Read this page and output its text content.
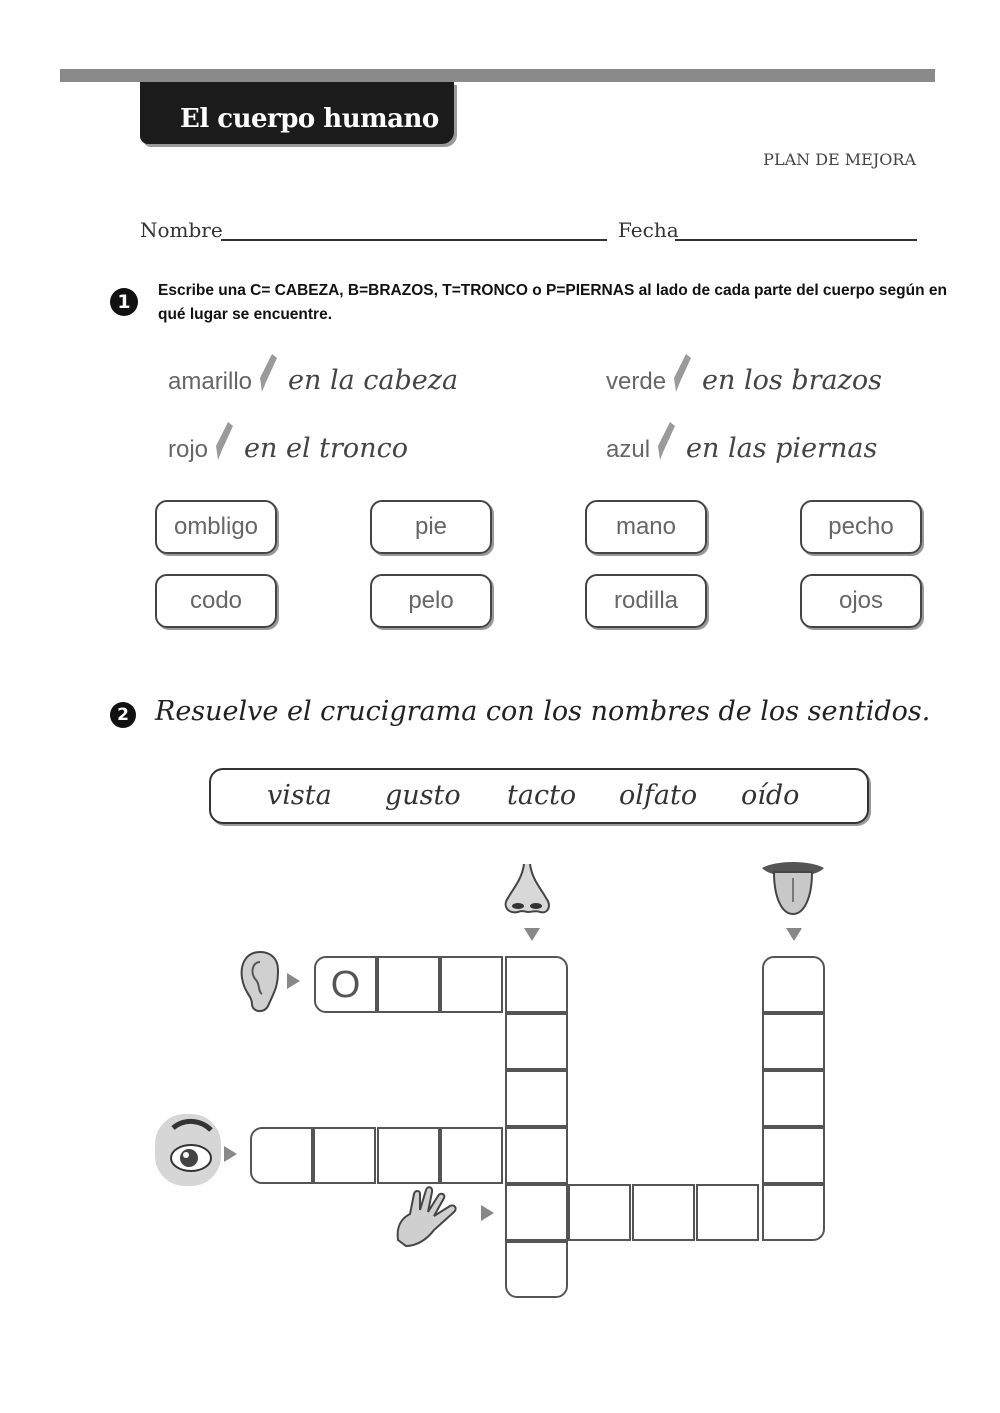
El cuerpo humano
PLAN DE MEJORA
Nombre	Fecha
1
Escribe una C= CABEZA, B=BRAZOS, T=TRONCO o P=PIERNAS al lado de cada parte del cuerpo según en qué lugar se encuentre.
amarillo en la cabeza	verde en los brazos
rojo en el tronco	azul en las piernas
ombligo	pie	mano	pecho
codo	pelo	rodilla	ojos
2 Resuelve el crucigrama con los nombres de los sentidos.
vista gusto tacto olfato oído
O
